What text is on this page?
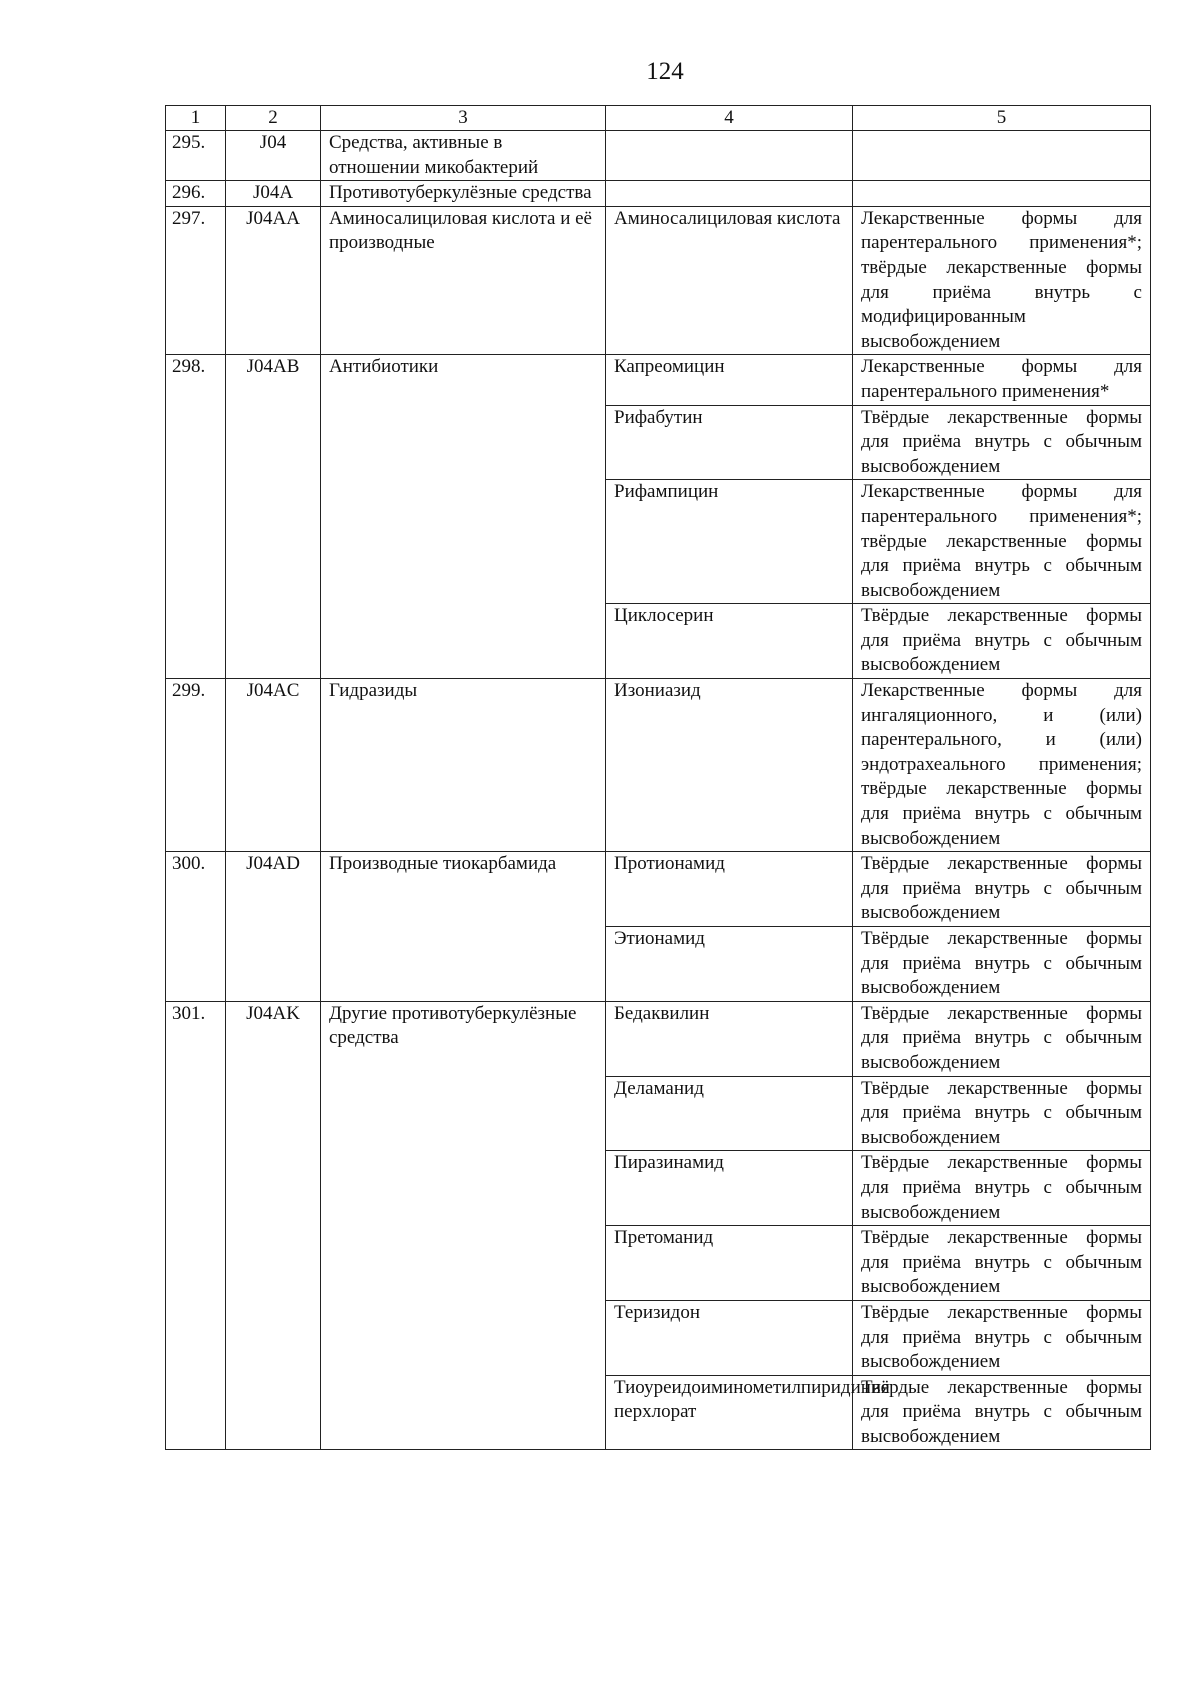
124
1	2	3	4	5
295.	J04	Средства, активные в отношении микобактерий		
296.	J04A	Противотуберкулёзные средства		
297.	J04AA	Аминосалициловая кислота и её производные	Аминосалициловая кислота	Лекарственные формы для парентерального применения*; твёрдые лекарственные формы для приёма внутрь с модифицированным высвобождением
298.	J04AB	Антибиотики	Капреомицин	Лекарственные формы для парентерального применения*
			Рифабутин	Твёрдые лекарственные формы для приёма внутрь с обычным высвобождением
			Рифампицин	Лекарственные формы для парентерального применения*; твёрдые лекарственные формы для приёма внутрь с обычным высвобождением
			Циклосерин	Твёрдые лекарственные формы для приёма внутрь с обычным высвобождением
299.	J04AC	Гидразиды	Изониазид	Лекарственные формы для ингаляционного, и (или) парентерального, и (или) эндотрахеального применения; твёрдые лекарственные формы для приёма внутрь с обычным высвобождением
300.	J04AD	Производные тиокарбамида	Протионамид	Твёрдые лекарственные формы для приёма внутрь с обычным высвобождением
			Этионамид	Твёрдые лекарственные формы для приёма внутрь с обычным высвобождением
301.	J04AK	Другие противотуберкулёзные средства	Бедаквилин	Твёрдые лекарственные формы для приёма внутрь с обычным высвобождением
			Деламанид	Твёрдые лекарственные формы для приёма внутрь с обычным высвобождением
			Пиразинамид	Твёрдые лекарственные формы для приёма внутрь с обычным высвобождением
			Претоманид	Твёрдые лекарственные формы для приёма внутрь с обычным высвобождением
			Теризидон	Твёрдые лекарственные формы для приёма внутрь с обычным высвобождением
			Тиоуреидоиминометилпиридиния перхлорат	Твёрдые лекарственные формы для приёма внутрь с обычным высвобождением
